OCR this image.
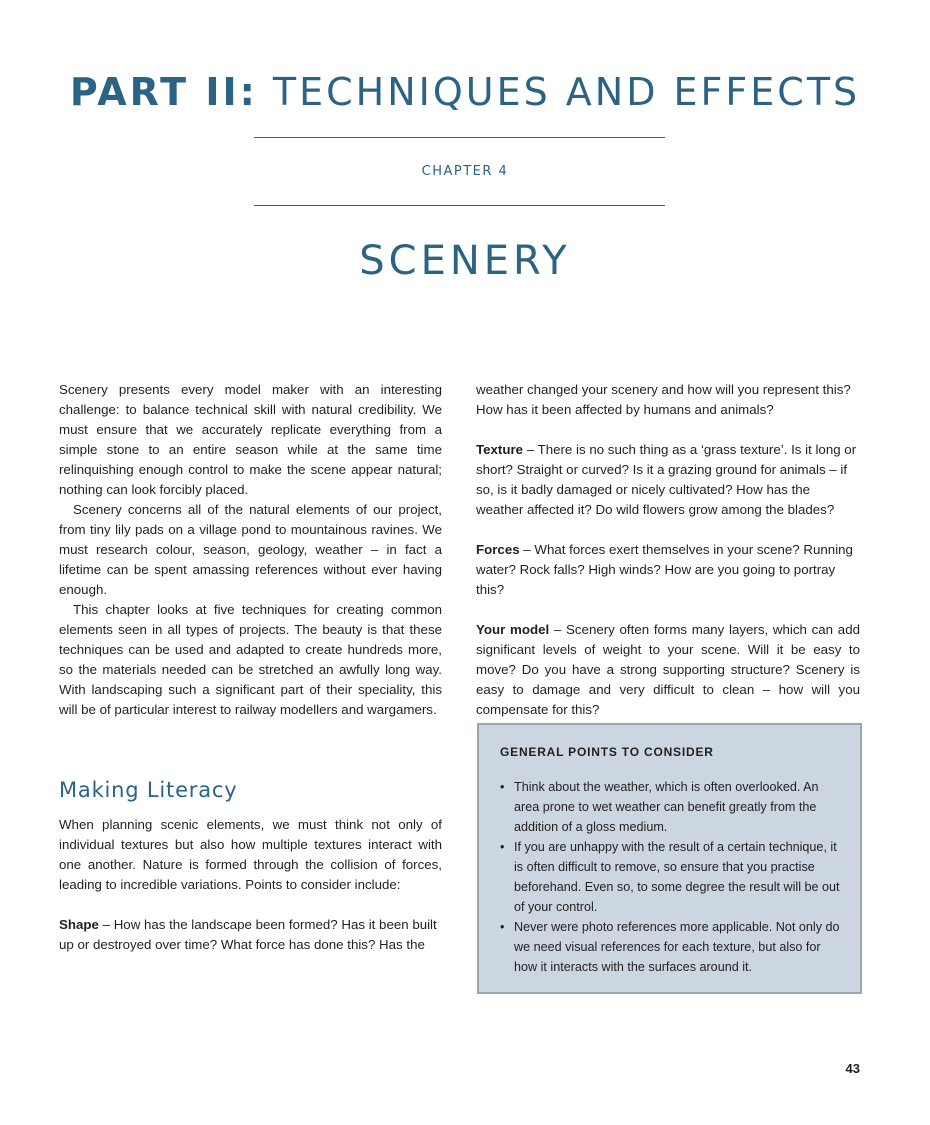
PART II: TECHNIQUES AND EFFECTS
CHAPTER 4
SCENERY

Scenery presents every model maker with an interesting challenge: to balance technical skill with natural credibility. We must ensure that we accurately replicate everything from a simple stone to an entire season while at the same time relinquishing enough control to make the scene appear natural; nothing can look forcibly placed.

Scenery concerns all of the natural elements of our project, from tiny lily pads on a village pond to mountainous ravines. We must research colour, season, geology, weather – in fact a lifetime can be spent amassing references without ever having enough.

This chapter looks at five techniques for creating common elements seen in all types of projects. The beauty is that these techniques can be used and adapted to create hundreds more, so the materials needed can be stretched an awfully long way. With landscaping such a significant part of their speciality, this will be of particular interest to railway modellers and wargamers.

Making Literacy

When planning scenic elements, we must think not only of individual textures but also how multiple textures interact with one another. Nature is formed through the collision of forces, leading to incredible variations. Points to consider include:

Shape – How has the landscape been formed? Has it been built up or destroyed over time? What force has done this? Has the

weather changed your scenery and how will you represent this? How has it been affected by humans and animals?

Texture – There is no such thing as a ‘grass texture’. Is it long or short? Straight or curved? Is it a grazing ground for animals – if so, is it badly damaged or nicely cultivated? How has the weather affected it? Do wild flowers grow among the blades?

Forces – What forces exert themselves in your scene? Running water? Rock falls? High winds? How are you going to portray this?

Your model – Scenery often forms many layers, which can add significant levels of weight to your scene. Will it be easy to move? Do you have a strong supporting structure? Scenery is easy to damage and very difficult to clean – how will you compensate for this?

GENERAL POINTS TO CONSIDER
• Think about the weather, which is often overlooked. An area prone to wet weather can benefit greatly from the addition of a gloss medium.
• If you are unhappy with the result of a certain technique, it is often difficult to remove, so ensure that you practise beforehand. Even so, to some degree the result will be out of your control.
• Never were photo references more applicable. Not only do we need visual references for each texture, but also for how it interacts with the surfaces around it.
43
